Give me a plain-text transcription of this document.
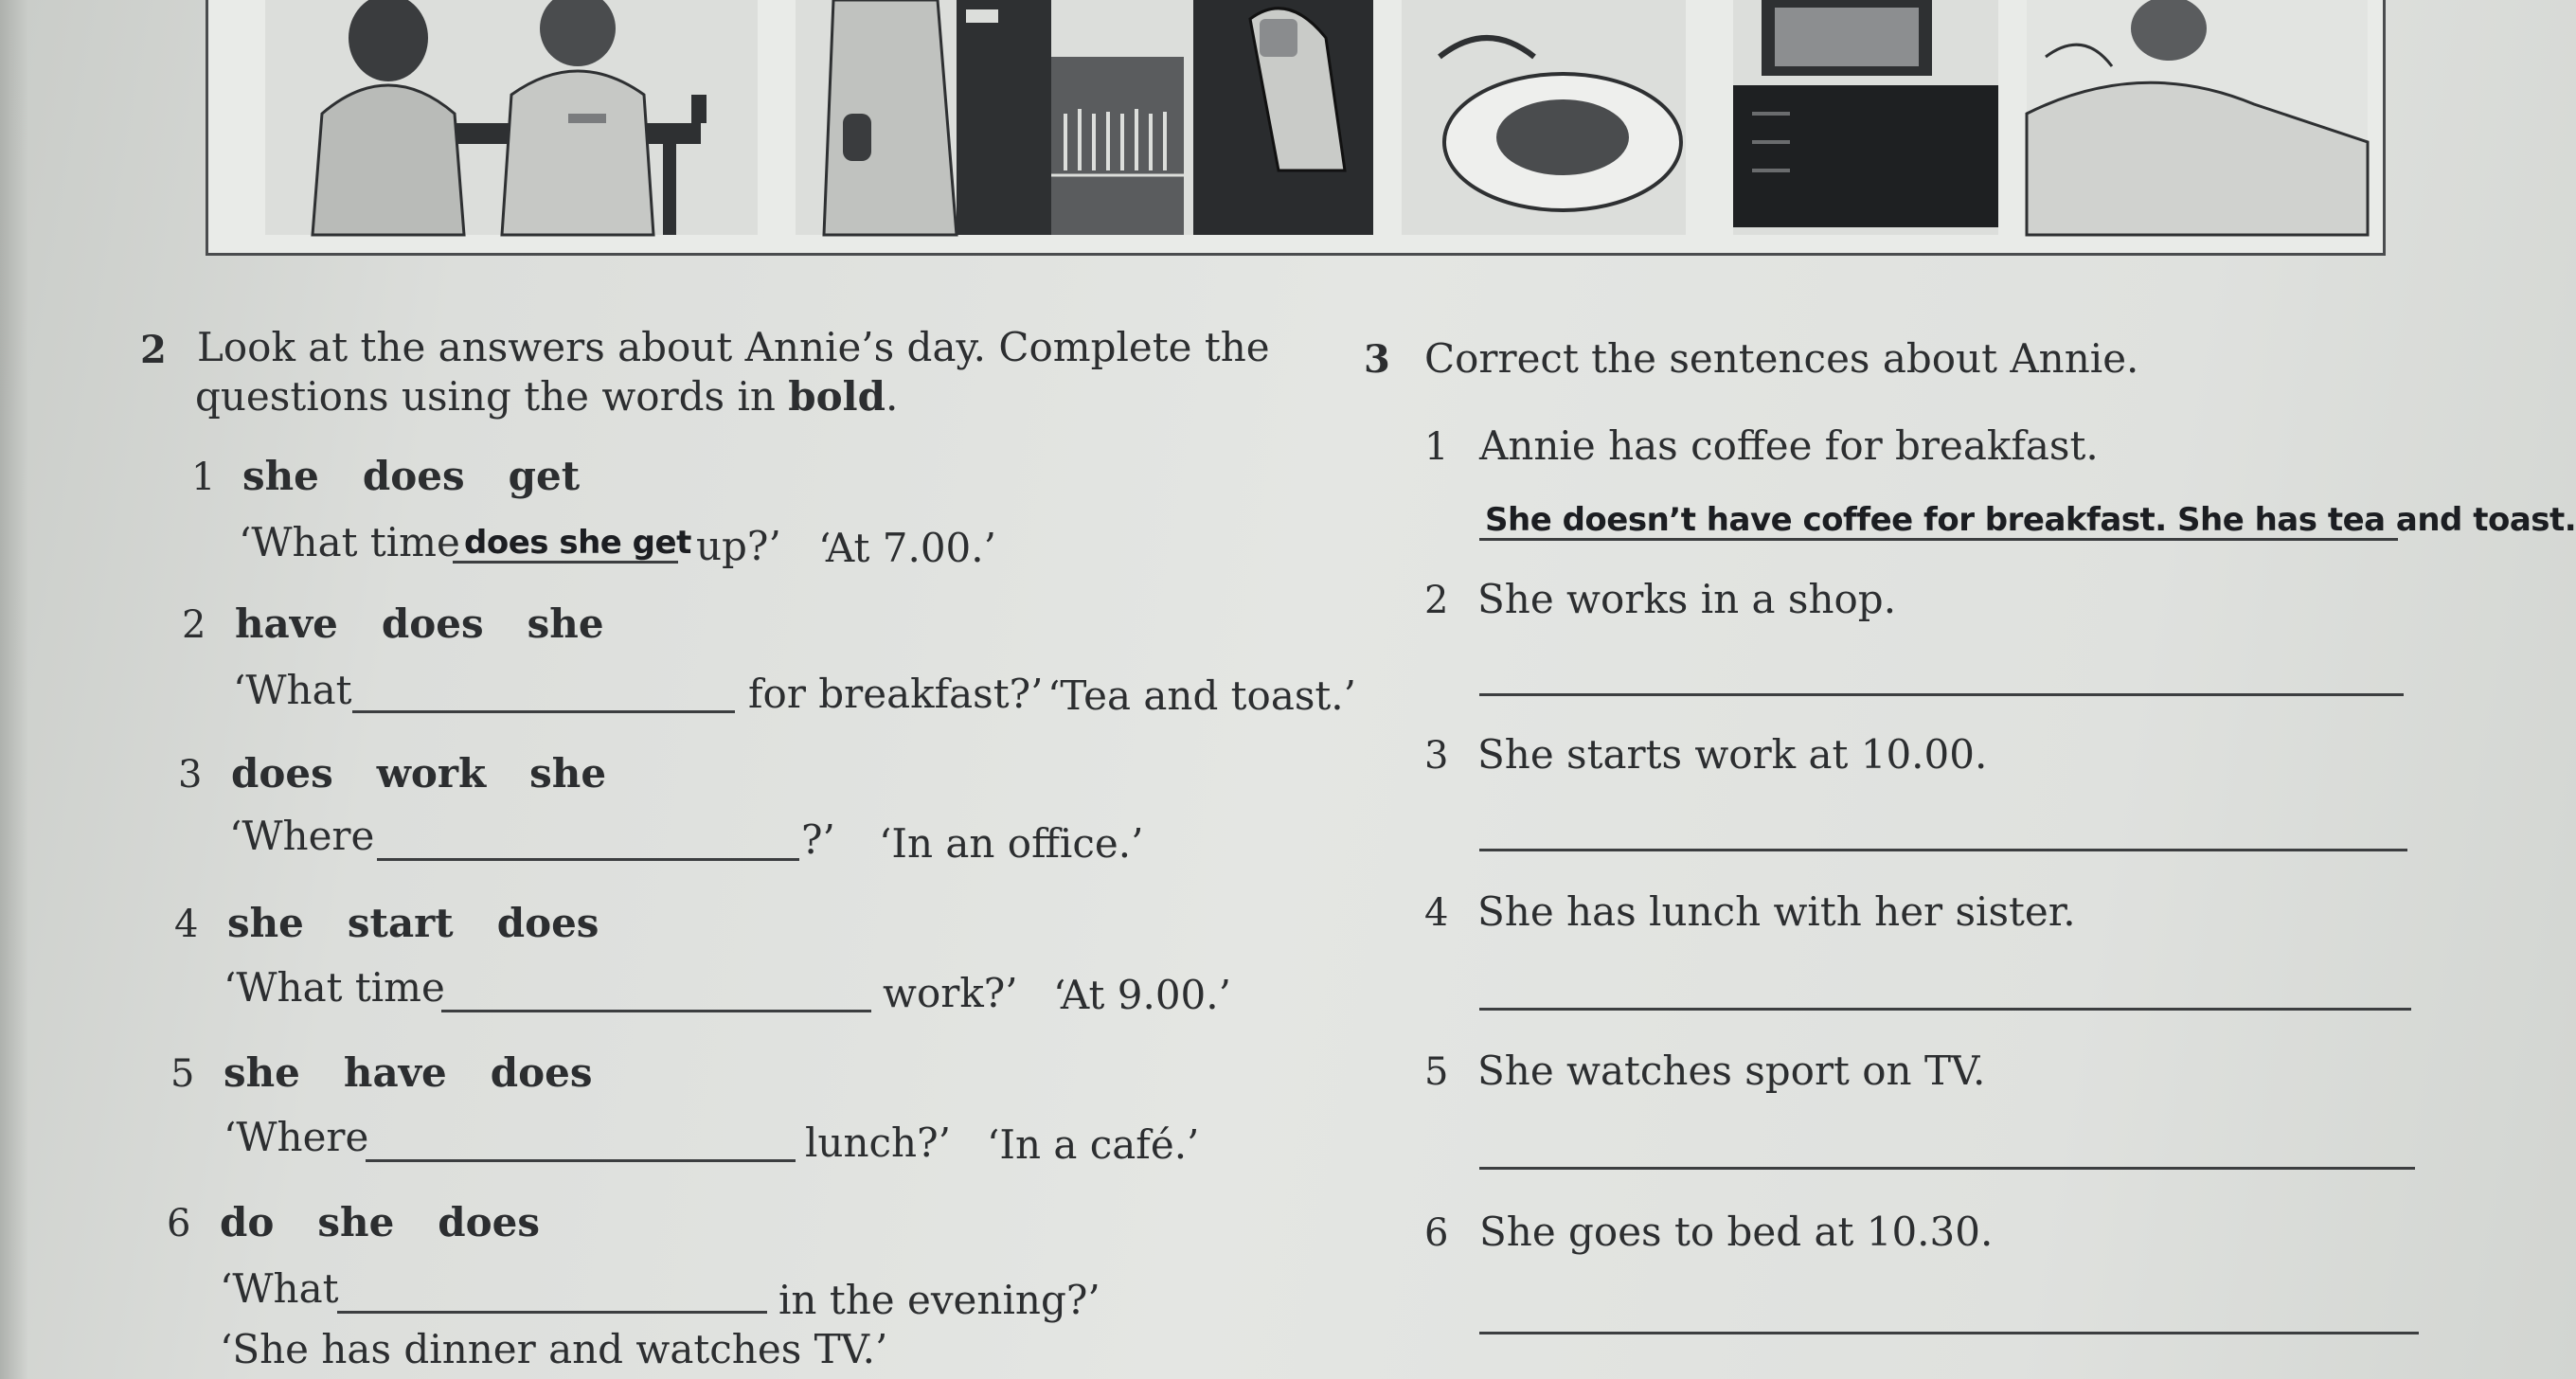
2 Look at the answers about Annie’s day. Complete the
questions using the words in bold.
1 she does get
‘What time does she get up?’ ‘At 7.00.’
2 have does she
‘What	for breakfast?’ ‘Tea and toast.’
3 does work she
‘Where	?’ ‘In an office.’
4 she start does
‘What time	work?’ ‘At 9.00.’
5 she have does
‘Where	lunch?’ ‘In a café.’
6 do she does
‘What	in the evening?’
‘She has dinner and watches TV.’
3 Correct the sentences about Annie.
1 Annie has coffee for breakfast.
She doesn’t have coffee for breakfast. She has tea and toast.
2 She works in a shop.
3 She starts work at 10.00.
4 She has lunch with her sister.
5 She watches sport on TV.
6 She goes to bed at 10.30.
